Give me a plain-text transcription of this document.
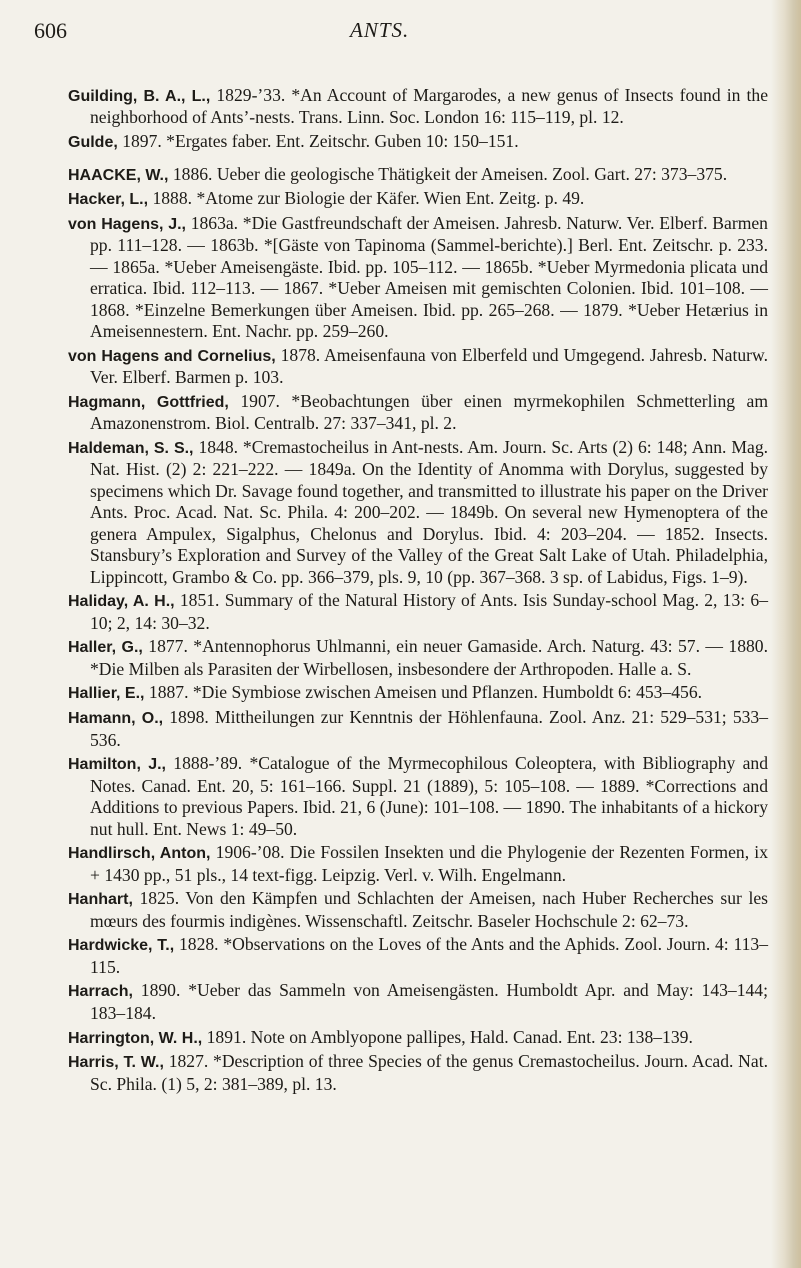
606	ANTS.

Guilding, B. A., L., 1829-’33. *An Account of Margarodes, a new genus of Insects found in the neighborhood of Ants’-nests. Trans. Linn. Soc. London 16: 115–119, pl. 12.

Gulde, 1897. *Ergates faber. Ent. Zeitschr. Guben 10: 150–151.

HAACKE, W., 1886. Ueber die geologische Thätigkeit der Ameisen. Zool. Gart. 27: 373–375.

Hacker, L., 1888. *Atome zur Biologie der Käfer. Wien Ent. Zeitg. p. 49.

von Hagens, J., 1863a. *Die Gastfreundschaft der Ameisen. Jahresb. Naturw. Ver. Elberf. Barmen pp. 111–128. — 1863b. *[Gäste von Tapinoma (Sammel-berichte).] Berl. Ent. Zeitschr. p. 233. — 1865a. *Ueber Ameisengäste. Ibid. pp. 105–112. — 1865b. *Ueber Myrmedonia plicata und erratica. Ibid. 112–113. — 1867. *Ueber Ameisen mit gemischten Colonien. Ibid. 101–108. — 1868. *Einzelne Bemerkungen über Ameisen. Ibid. pp. 265–268. — 1879. *Ueber Hetærius in Ameisennestern. Ent. Nachr. pp. 259–260.

von Hagens and Cornelius, 1878. Ameisenfauna von Elberfeld und Umgegend. Jahresb. Naturw. Ver. Elberf. Barmen p. 103.

Hagmann, Gottfried, 1907. *Beobachtungen über einen myrmekophilen Schmetterling am Amazonenstrom. Biol. Centralb. 27: 337–341, pl. 2.

Haldeman, S. S., 1848. *Cremastocheilus in Ant-nests. Am. Journ. Sc. Arts (2) 6: 148; Ann. Mag. Nat. Hist. (2) 2: 221–222. — 1849a. On the Identity of Anomma with Dorylus, suggested by specimens which Dr. Savage found together, and transmitted to illustrate his paper on the Driver Ants. Proc. Acad. Nat. Sc. Phila. 4: 200–202. — 1849b. On several new Hymenoptera of the genera Ampulex, Sigalphus, Chelonus and Dorylus. Ibid. 4: 203–204. — 1852. Insects. Stansbury’s Exploration and Survey of the Valley of the Great Salt Lake of Utah. Philadelphia, Lippincott, Grambo & Co. pp. 366–379, pls. 9, 10 (pp. 367–368. 3 sp. of Labidus, Figs. 1–9).

Haliday, A. H., 1851. Summary of the Natural History of Ants. Isis Sunday-school Mag. 2, 13: 6–10; 2, 14: 30–32.

Haller, G., 1877. *Antennophorus Uhlmanni, ein neuer Gamaside. Arch. Naturg. 43: 57. — 1880. *Die Milben als Parasiten der Wirbellosen, insbesondere der Arthropoden. Halle a. S.

Hallier, E., 1887. *Die Symbiose zwischen Ameisen und Pflanzen. Humboldt 6: 453–456.

Hamann, O., 1898. Mittheilungen zur Kenntnis der Höhlenfauna. Zool. Anz. 21: 529–531; 533–536.

Hamilton, J., 1888-’89. *Catalogue of the Myrmecophilous Coleoptera, with Bibliography and Notes. Canad. Ent. 20, 5: 161–166. Suppl. 21 (1889), 5: 105–108. — 1889. *Corrections and Additions to previous Papers. Ibid. 21, 6 (June): 101–108. — 1890. The inhabitants of a hickory nut hull. Ent. News 1: 49–50.

Handlirsch, Anton, 1906-’08. Die Fossilen Insekten und die Phylogenie der Rezenten Formen, ix + 1430 pp., 51 pls., 14 text-figg. Leipzig. Verl. v. Wilh. Engelmann.

Hanhart, 1825. Von den Kämpfen und Schlachten der Ameisen, nach Huber Recherches sur les mœurs des fourmis indigènes. Wissenschaftl. Zeitschr. Baseler Hochschule 2: 62–73.

Hardwicke, T., 1828. *Observations on the Loves of the Ants and the Aphids. Zool. Journ. 4: 113–115.

Harrach, 1890. *Ueber das Sammeln von Ameisengästen. Humboldt Apr. and May: 143–144; 183–184.

Harrington, W. H., 1891. Note on Amblyopone pallipes, Hald. Canad. Ent. 23: 138–139.

Harris, T. W., 1827. *Description of three Species of the genus Cremastocheilus. Journ. Acad. Nat. Sc. Phila. (1) 5, 2: 381–389, pl. 13.
